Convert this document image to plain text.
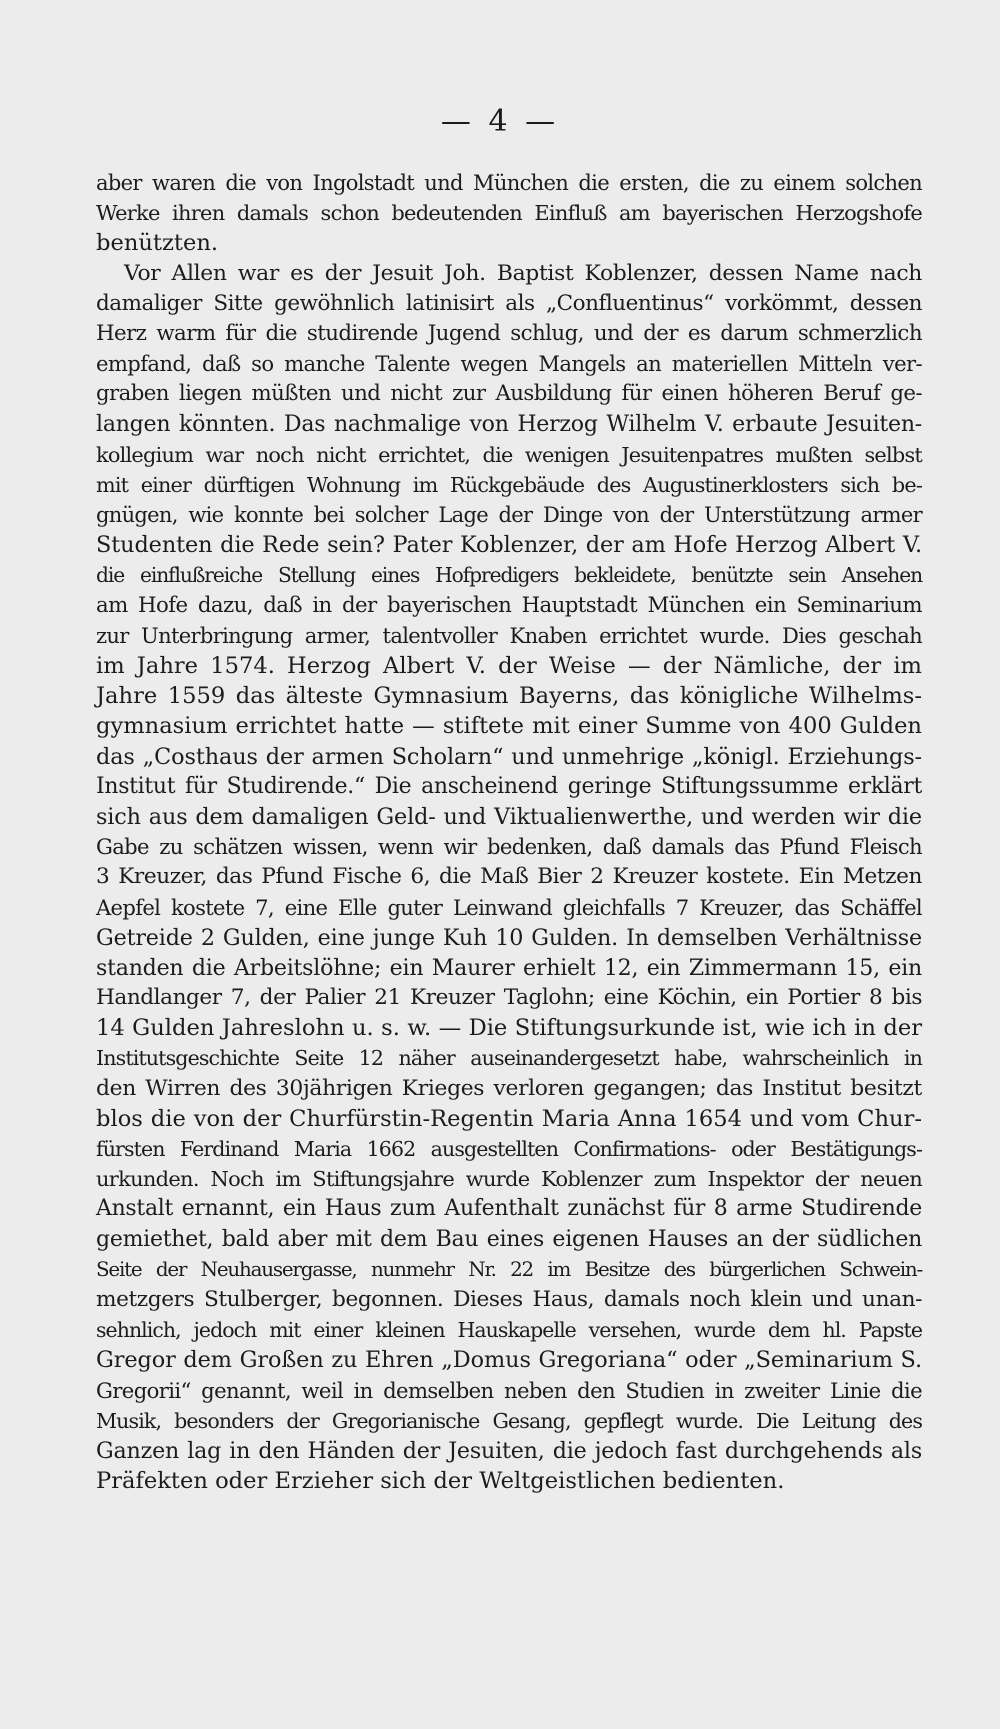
— 4 —
aber waren die von Ingolstadt und München die ersten, die zu einem solchen
Werke ihren damals schon bedeutenden Einfluß am bayerischen Herzogshofe
benützten.
Vor Allen war es der Jesuit Joh. Baptist Koblenzer, dessen Name nach
damaliger Sitte gewöhnlich latinisirt als „Confluentinus“ vorkömmt, dessen
Herz warm für die studirende Jugend schlug, und der es darum schmerzlich
empfand, daß so manche Talente wegen Mangels an materiellen Mitteln ver-
graben liegen müßten und nicht zur Ausbildung für einen höheren Beruf ge-
langen könnten. Das nachmalige von Herzog Wilhelm V. erbaute Jesuiten-
kollegium war noch nicht errichtet, die wenigen Jesuitenpatres mußten selbst
mit einer dürftigen Wohnung im Rückgebäude des Augustinerklosters sich be-
gnügen, wie konnte bei solcher Lage der Dinge von der Unterstützung armer
Studenten die Rede sein? Pater Koblenzer, der am Hofe Herzog Albert V.
die einflußreiche Stellung eines Hofpredigers bekleidete, benützte sein Ansehen
am Hofe dazu, daß in der bayerischen Hauptstadt München ein Seminarium
zur Unterbringung armer, talentvoller Knaben errichtet wurde. Dies geschah
im Jahre 1574. Herzog Albert V. der Weise — der Nämliche, der im
Jahre 1559 das älteste Gymnasium Bayerns, das königliche Wilhelms-
gymnasium errichtet hatte — stiftete mit einer Summe von 400 Gulden
das „Costhaus der armen Scholarn“ und unmehrige „königl. Erziehungs-
Institut für Studirende.“ Die anscheinend geringe Stiftungssumme erklärt
sich aus dem damaligen Geld- und Viktualienwerthe, und werden wir die
Gabe zu schätzen wissen, wenn wir bedenken, daß damals das Pfund Fleisch
3 Kreuzer, das Pfund Fische 6, die Maß Bier 2 Kreuzer kostete. Ein Metzen
Aepfel kostete 7, eine Elle guter Leinwand gleichfalls 7 Kreuzer, das Schäffel
Getreide 2 Gulden, eine junge Kuh 10 Gulden. In demselben Verhältnisse
standen die Arbeitslöhne; ein Maurer erhielt 12, ein Zimmermann 15, ein
Handlanger 7, der Palier 21 Kreuzer Taglohn; eine Köchin, ein Portier 8 bis
14 Gulden Jahreslohn u. s. w. — Die Stiftungsurkunde ist, wie ich in der
Institutsgeschichte Seite 12 näher auseinandergesetzt habe, wahrscheinlich in
den Wirren des 30jährigen Krieges verloren gegangen; das Institut besitzt
blos die von der Churfürstin-Regentin Maria Anna 1654 und vom Chur-
fürsten Ferdinand Maria 1662 ausgestellten Confirmations- oder Bestätigungs-
urkunden. Noch im Stiftungsjahre wurde Koblenzer zum Inspektor der neuen
Anstalt ernannt, ein Haus zum Aufenthalt zunächst für 8 arme Studirende
gemiethet, bald aber mit dem Bau eines eigenen Hauses an der südlichen
Seite der Neuhausergasse, nunmehr Nr. 22 im Besitze des bürgerlichen Schwein-
metzgers Stulberger, begonnen. Dieses Haus, damals noch klein und unan-
sehnlich, jedoch mit einer kleinen Hauskapelle versehen, wurde dem hl. Papste
Gregor dem Großen zu Ehren „Domus Gregoriana“ oder „Seminarium S.
Gregorii“ genannt, weil in demselben neben den Studien in zweiter Linie die
Musik, besonders der Gregorianische Gesang, gepflegt wurde. Die Leitung des
Ganzen lag in den Händen der Jesuiten, die jedoch fast durchgehends als
Präfekten oder Erzieher sich der Weltgeistlichen bedienten.
